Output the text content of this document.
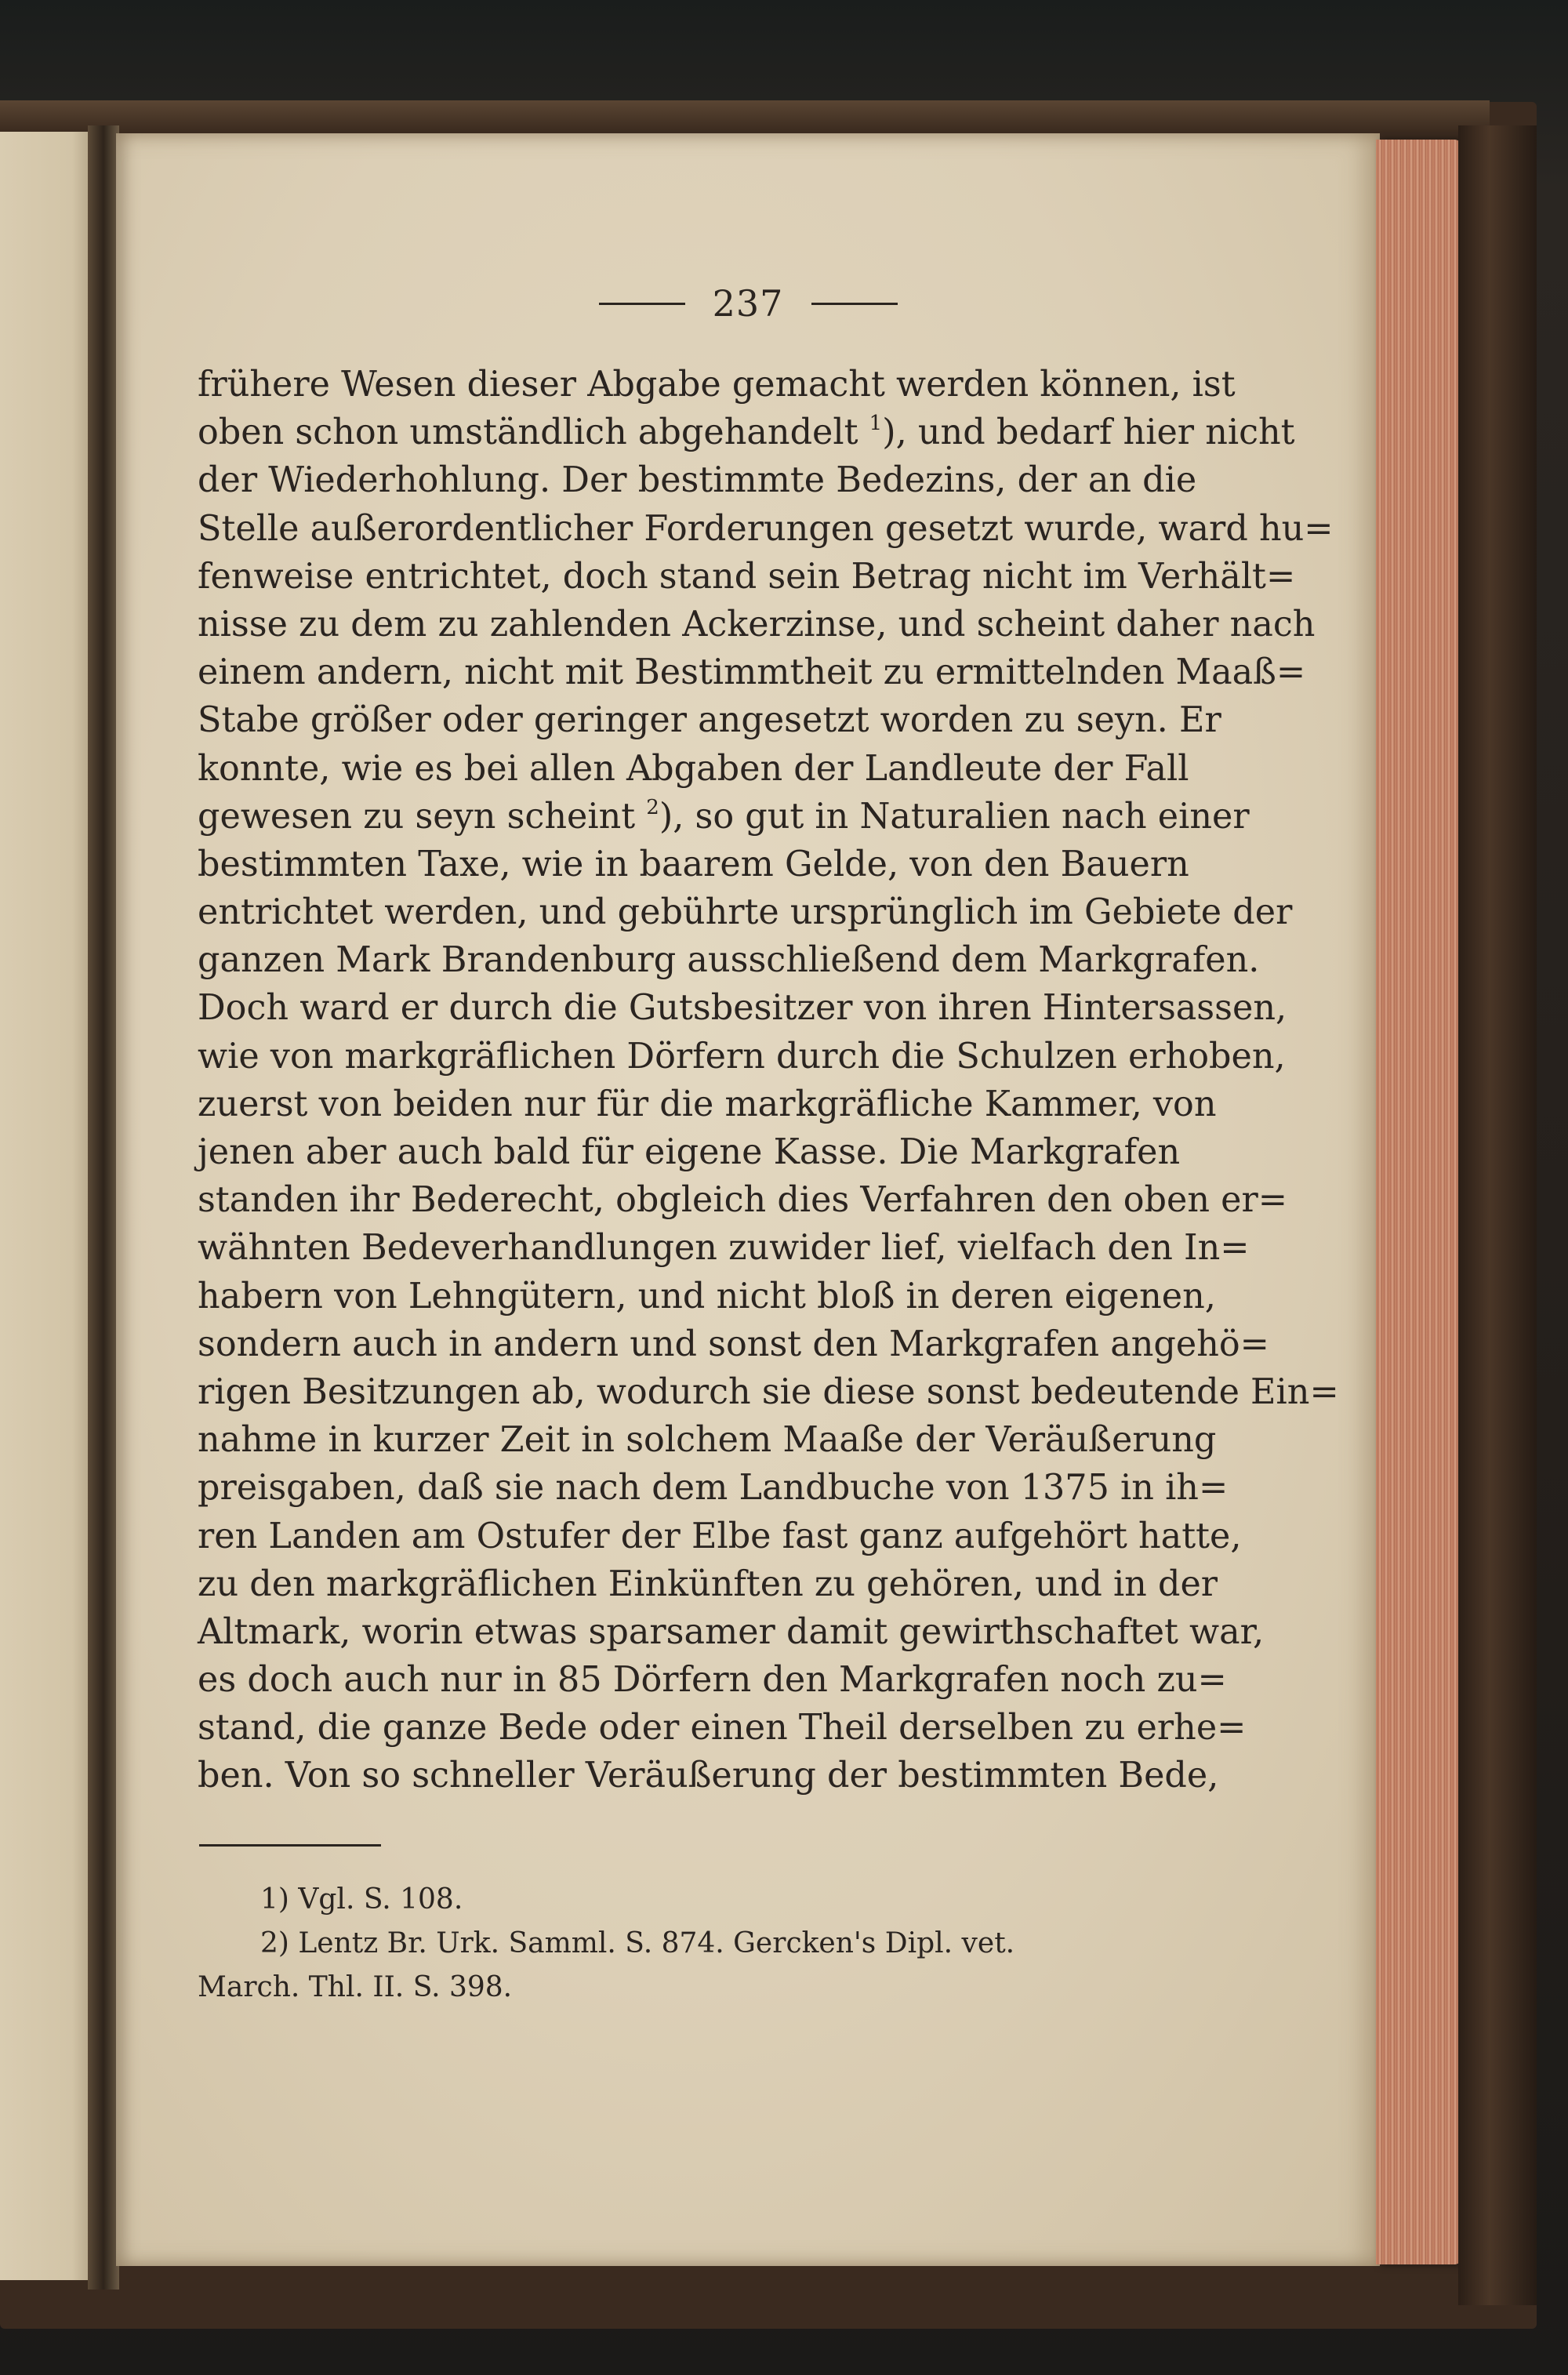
237
frühere Wesen dieser Abgabe gemacht werden können, ist
oben schon umständlich abgehandelt $^1$), und bedarf hier nicht
der Wiederhohlung. Der bestimmte Bedezins, der an die
Stelle außerordentlicher Forderungen gesetzt wurde, ward hu=
fenweise entrichtet, doch stand sein Betrag nicht im Verhält=
nisse zu dem zu zahlenden Ackerzinse, und scheint daher nach
einem andern, nicht mit Bestimmtheit zu ermittelnden Maaß=
Stabe größer oder geringer angesetzt worden zu seyn. Er
konnte, wie es bei allen Abgaben der Landleute der Fall
gewesen zu seyn scheint $^2$), so gut in Naturalien nach einer
bestimmten Taxe, wie in baarem Gelde, von den Bauern
entrichtet werden, und gebührte ursprünglich im Gebiete der
ganzen Mark Brandenburg ausschließend dem Markgrafen.
Doch ward er durch die Gutsbesitzer von ihren Hintersassen,
wie von markgräflichen Dörfern durch die Schulzen erhoben,
zuerst von beiden nur für die markgräfliche Kammer, von
jenen aber auch bald für eigene Kasse. Die Markgrafen
standen ihr Bederecht, obgleich dies Verfahren den oben er=
wähnten Bedeverhandlungen zuwider lief, vielfach den In=
habern von Lehngütern, und nicht bloß in deren eigenen,
sondern auch in andern und sonst den Markgrafen angehö=
rigen Besitzungen ab, wodurch sie diese sonst bedeutende Ein=
nahme in kurzer Zeit in solchem Maaße der Veräußerung
preisgaben, daß sie nach dem Landbuche von 1375 in ih=
ren Landen am Ostufer der Elbe fast ganz aufgehört hatte,
zu den markgräflichen Einkünften zu gehören, und in der
Altmark, worin etwas sparsamer damit gewirthschaftet war,
es doch auch nur in 85 Dörfern den Markgrafen noch zu=
stand, die ganze Bede oder einen Theil derselben zu erhe=
ben. Von so schneller Veräußerung der bestimmten Bede,
1) Vgl. S. 108.
2) Lentz Br. Urk. Samml. S. 874. Gercken's Dipl. vet.
March. Thl. II. S. 398.
